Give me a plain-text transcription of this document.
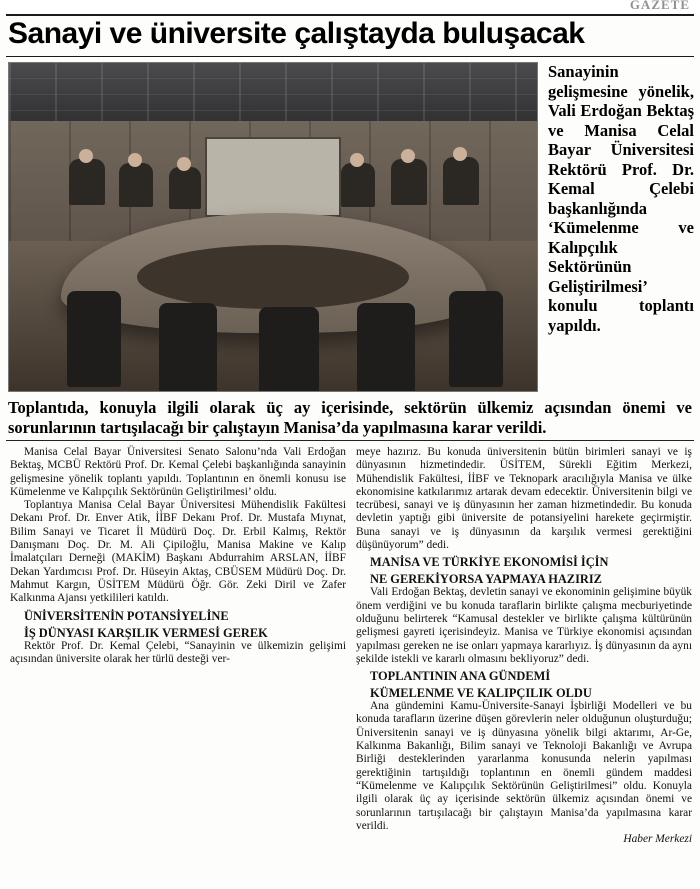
GAZETE
Sanayi ve üniversite çalıştayda buluşacak
Sanayinin gelişmesine yönelik, Vali Erdoğan Bektaş ve Manisa Celal Bayar Üniversitesi Rektörü Prof. Dr. Kemal Çelebi başkanlığında ‘Kümelenme ve Kalıpçılık Sektörünün Geliştirilmesi’ konulu toplantı yapıldı.
Toplantıda, konuyla ilgili olarak üç ay içerisinde, sektörün ülkemiz açısından önemi ve sorunlarının tartışılacağı bir çalıştayın Manisa’da yapılmasına karar verildi.

Manisa Celal Bayar Üniversitesi Senato Salonu’nda Vali Erdoğan Bektaş, MCBÜ Rektörü Prof. Dr. Kemal Çelebi başkanlığında sanayinin gelişmesine yönelik toplantı yapıldı. Toplantının en önemli konusu ise Kümelenme ve Kalıpçılık Sektörünün Geliştirilmesi’ oldu.

Toplantıya Manisa Celal Bayar Üniversitesi Mühendislik Fakültesi Dekanı Prof. Dr. Enver Atik, İİBF Dekanı Prof. Dr. Mustafa Mıynat, Bilim Sanayi ve Ticaret İl Müdürü Doç. Dr. Erbil Kalmış, Rektör Danışmanı Doç. Dr. M. Ali Çipiloğlu, Manisa Makine ve Kalıp İmalatçıları Derneği (MAKİM) Başkanı Abdurrahim ARSLAN, İİBF Dekan Yardımcısı Prof. Dr. Hüseyin Aktaş, CBÜSEM Müdürü Doç. Dr. Mahmut Kargın, ÜSİTEM Müdürü Öğr. Gör. Zeki Diril ve Zafer Kalkınma Ajansı yetkilileri katıldı.

ÜNİVERSİTENİN POTANSİYELİNE
İŞ DÜNYASI KARŞILIK VERMESİ GEREK

Rektör Prof. Dr. Kemal Çelebi, “Sanayinin ve ülkemizin gelişimi açısından üniversite olarak her türlü desteği ver-

meye hazırız. Bu konuda üniversitenin bütün birimleri sanayi ve iş dünyasının hizmetindedir. ÜSİTEM, Sürekli Eğitim Merkezi, Mühendislik Fakültesi, İİBF ve Teknopark aracılığıyla Manisa ve ülke ekonomisine katkılarımız artarak devam edecektir. Üniversitenin bilgi ve tecrübesi, sanayi ve iş dünyasının her zaman hizmetindedir. Bu konuda devletin yaptığı gibi üniversite de potansiyelini harekete geçirmiştir. Buna sanayi ve iş dünyasının da karşılık vermesi gerektiğini düşünüyorum” dedi.

MANİSA VE TÜRKİYE EKONOMİSİ İÇİN
NE GEREKİYORSA YAPMAYA HAZIRIZ

Vali Erdoğan Bektaş, devletin sanayi ve ekonominin gelişimine büyük önem verdiğini ve bu konuda taraflarin birlikte çalışma mecburiyetinde olduğunu belirterek “Kamusal destekler ve birlikte çalışma kültürünün gelişmesi gayreti içerisindeyiz. Manisa ve Türkiye ekonomisi açısından yapılması gereken ne ise onları yapmaya kararlıyız. İş dünyasının da aynı şekilde istekli ve kararlı olmasını bekliyoruz” dedi.

TOPLANTININ ANA GÜNDEMİ
KÜMELENME VE KALIPÇILIK OLDU

Ana gündemini Kamu-Üniversite-Sanayi İşbirliği Modelleri ve bu konuda tarafların üzerine düşen görevlerin neler olduğunun oluşturduğu; Üniversitenin sanayi ve iş dünyasına yönelik bilgi aktarımı, Ar-Ge, Kalkınma Bakanlığı, Bilim sanayi ve Teknoloji Bakanlığı ve Avrupa Birliği desteklerinden yararlanma konusunda nelerin yapılması gerektiğinin tartışıldığı toplantının en önemli gündem maddesi “Kümelenme ve Kalıpçılık Sektörünün Geliştirilmesi” oldu. Konuyla ilgili olarak üç ay içerisinde sektörün ülkemiz açısından önemi ve sorunlarının tartışılacağı bir çalıştayın Manisa’da yapılmasına karar verildi.

Haber Merkezi
